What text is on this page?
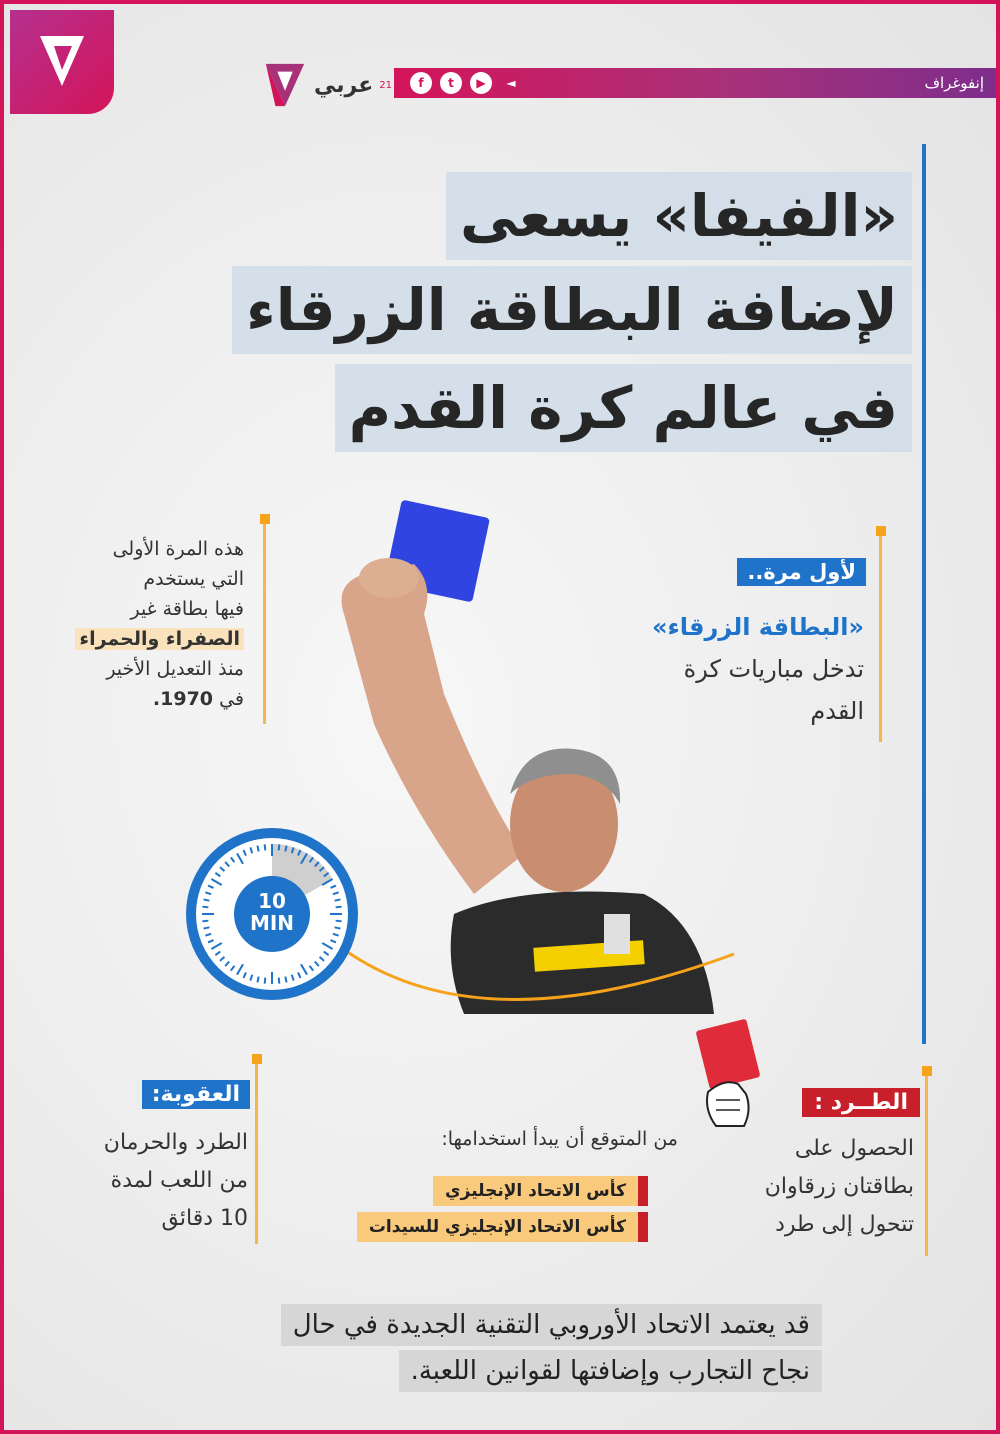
عربي 21	f	t	▶	◄	إنفوغراف
«الفيفا» يسعى
لإضافة البطاقة الزرقاء
في عالم كرة القدم
10
MIN
لأول مرة..
«البطاقة الزرقاء»
تدخل مباريات كرة
القدم
هذه المرة الأولى
التي يستخدم
فيها بطاقة غير
الصفراء والحمراء
منذ التعديل الأخير
في 1970.
الطــرد :
الحصول على
بطاقتان زرقاوان
تتحول إلى طرد
العقوبة:
الطرد والحرمان
من اللعب لمدة
10 دقائق
من المتوقع أن يبدأ استخدامها:
كأس الاتحاد الإنجليزي
كأس الاتحاد الإنجليزي للسيدات
قد يعتمد الاتحاد الأوروبي التقنية الجديدة في حال
نجاح التجارب وإضافتها لقوانين اللعبة.
